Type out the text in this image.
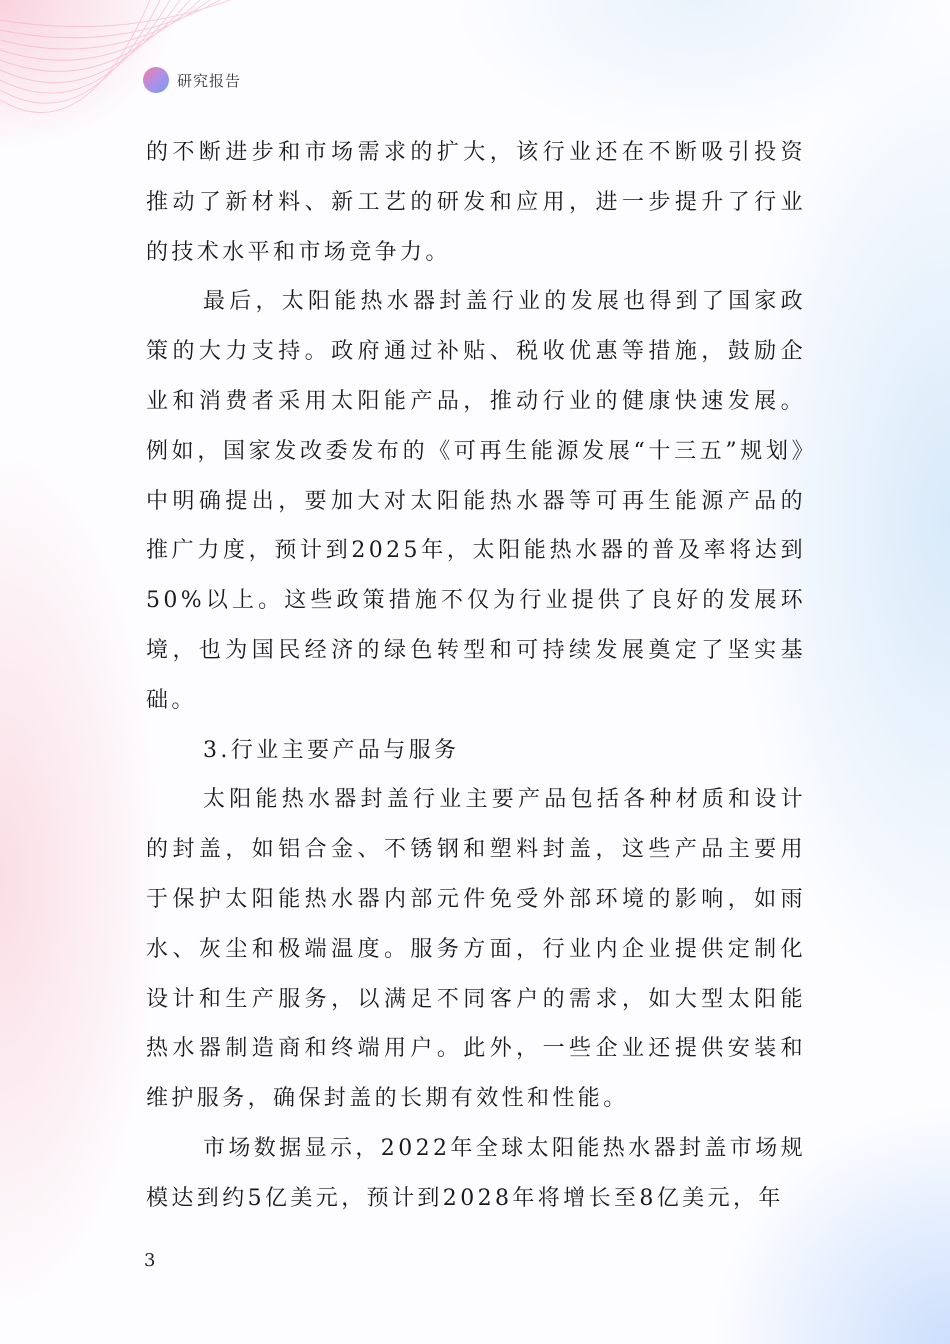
研究报告

的不断进步和市场需求的扩大，该行业还在不断吸引投资推动了新材料、新工艺的研发和应用，进一步提升了行业的技术水平和市场竞争力。

最后，太阳能热水器封盖行业的发展也得到了国家政策的大力支持。政府通过补贴、税收优惠等措施，鼓励企业和消费者采用太阳能产品，推动行业的健康快速发展。例如，国家发改委发布的《可再生能源发展“十三五”规划》中明确提出，要加大对太阳能热水器等可再生能源产品的推广力度，预计到2025年，太阳能热水器的普及率将达到50%以上。这些政策措施不仅为行业提供了良好的发展环境，也为国民经济的绿色转型和可持续发展奠定了坚实基础。

3.行业主要产品与服务

太阳能热水器封盖行业主要产品包括各种材质和设计的封盖，如铝合金、不锈钢和塑料封盖，这些产品主要用于保护太阳能热水器内部元件免受外部环境的影响，如雨水、灰尘和极端温度。服务方面，行业内企业提供定制化设计和生产服务，以满足不同客户的需求，如大型太阳能热水器制造商和终端用户。此外，一些企业还提供安装和维护服务，确保封盖的长期有效性和性能。

市场数据显示，2022年全球太阳能热水器封盖市场规模达到约5亿美元，预计到2028年将增长至8亿美元，年

3
